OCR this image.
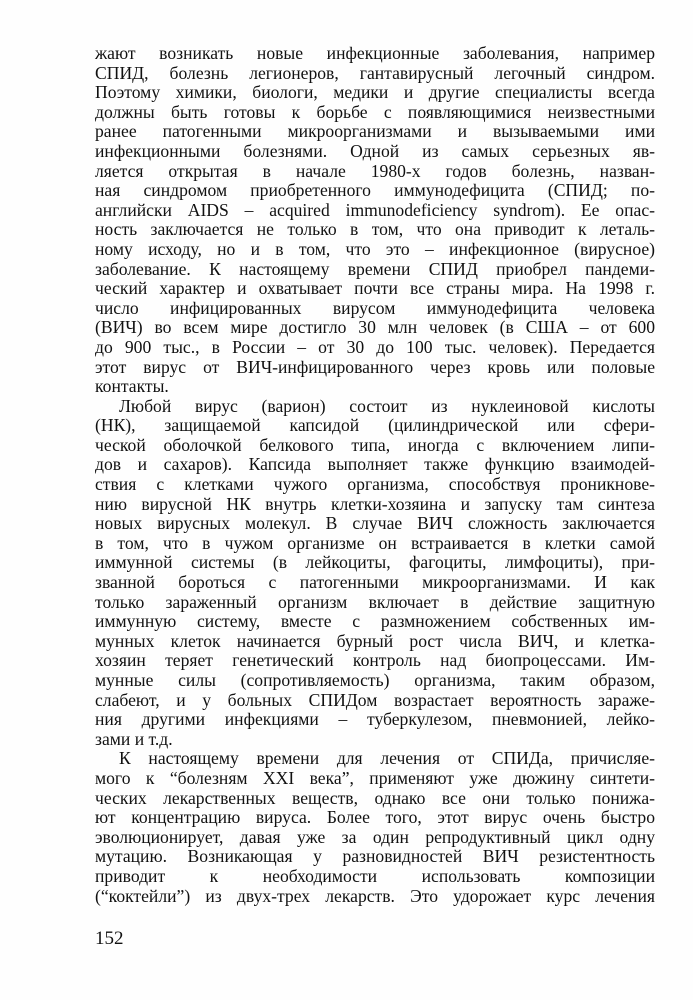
жают возникать новые инфекционные заболевания, например
СПИД, болезнь легионеров, гантавирусный легочный синдром.
Поэтому химики, биологи, медики и другие специалисты всегда
должны быть готовы к борьбе с появляющимися неизвестными
ранее патогенными микроорганизмами и вызываемыми ими
инфекционными болезнями. Одной из самых серьезных яв-
ляется открытая в начале 1980-х годов болезнь, назван-
ная синдромом приобретенного иммунодефицита (СПИД; по-
английски AIDS – acquired immunodeficiency syndrom). Ее опас-
ность заключается не только в том, что она приводит к леталь-
ному исходу, но и в том, что это – инфекционное (вирусное)
заболевание. К настоящему времени СПИД приобрел пандеми-
ческий характер и охватывает почти все страны мира. На 1998 г.
число инфицированных вирусом иммунодефицита человека
(ВИЧ) во всем мире достигло 30 млн человек (в США – от 600
до 900 тыс., в России – от 30 до 100 тыс. человек). Передается
этот вирус от ВИЧ-инфицированного через кровь или половые
контакты.
Любой вирус (варион) состоит из нуклеиновой кислоты
(НК), защищаемой капсидой (цилиндрической или сфери-
ческой оболочкой белкового типа, иногда с включением липи-
дов и сахаров). Капсида выполняет также функцию взаимодей-
ствия с клетками чужого организма, способствуя проникнове-
нию вирусной НК внутрь клетки-хозяина и запуску там синтеза
новых вирусных молекул. В случае ВИЧ сложность заключается
в том, что в чужом организме он встраивается в клетки самой
иммунной системы (в лейкоциты, фагоциты, лимфоциты), при-
званной бороться с патогенными микроорганизмами. И как
только зараженный организм включает в действие защитную
иммунную систему, вместе с размножением собственных им-
мунных клеток начинается бурный рост числа ВИЧ, и клетка-
хозяин теряет генетический контроль над биопроцессами. Им-
мунные силы (сопротивляемость) организма, таким образом,
слабеют, и у больных СПИДом возрастает вероятность зараже-
ния другими инфекциями – туберкулезом, пневмонией, лейко-
зами и т.д.
К настоящему времени для лечения от СПИДа, причисляе-
мого к “болезням XXI века”, применяют уже дюжину синтети-
ческих лекарственных веществ, однако все они только понижа-
ют концентрацию вируса. Более того, этот вирус очень быстро
эволюционирует, давая уже за один репродуктивный цикл одну
мутацию. Возникающая у разновидностей ВИЧ резистентность
приводит к необходимости использовать композиции
(“коктейли”) из двух-трех лекарств. Это удорожает курс лечения
152
